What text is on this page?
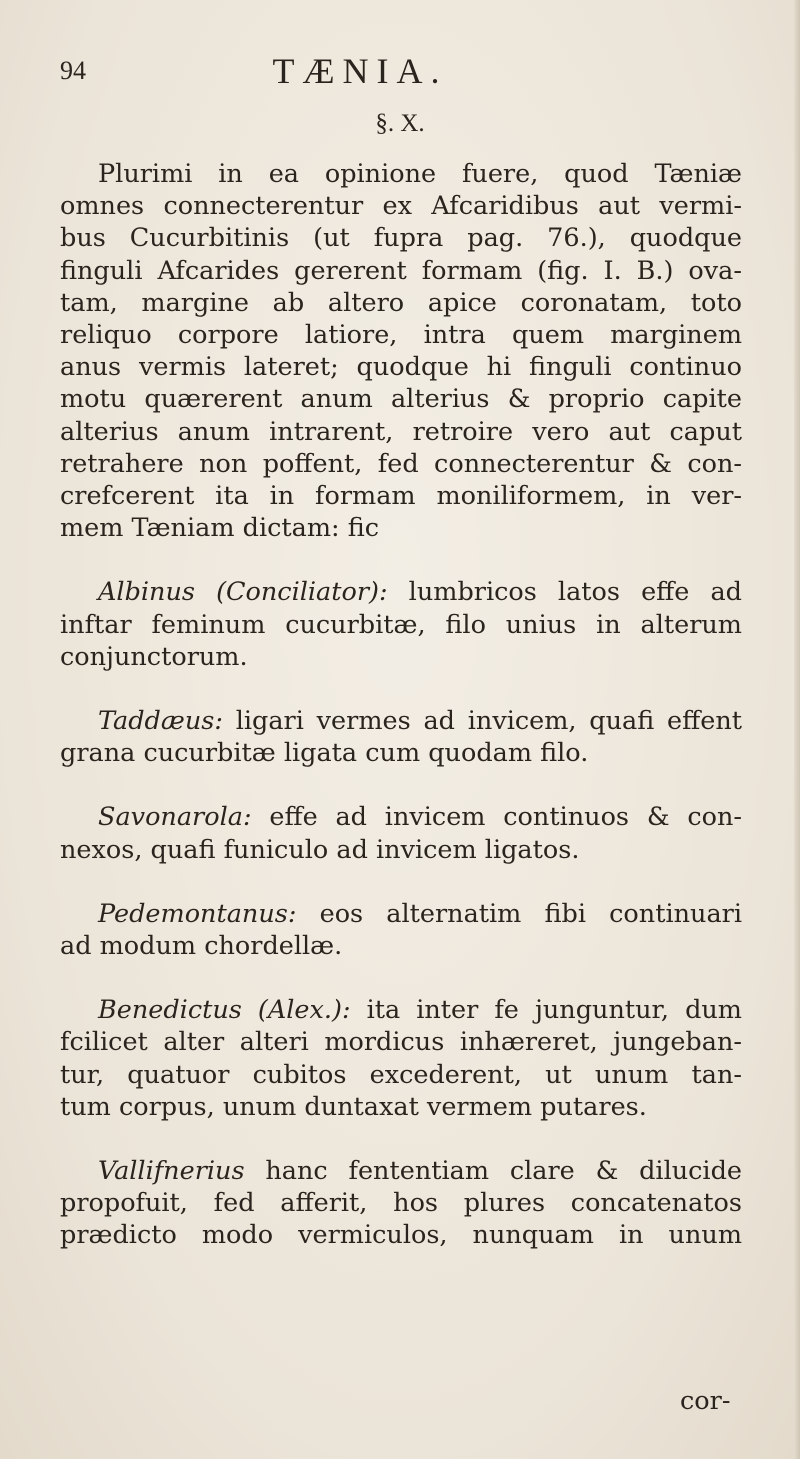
94	TÆNIA.
§. X.
Plurimi in ea opinione fuere, quod Tæniæ
omnes connecterentur ex Afcaridibus aut vermi-
bus Cucurbitinis (ut fupra pag. 76.), quodque
finguli Afcarides gererent formam (fig. I. B.) ova-
tam, margine ab altero apice coronatam, toto
reliquo corpore latiore, intra quem marginem
anus vermis lateret; quodque hi finguli continuo
motu quærerent anum alterius & proprio capite
alterius anum intrarent, retroire vero aut caput
retrahere non poffent, fed connecterentur & con-
crefcerent ita in formam moniliformem, in ver-
mem Tæniam dictam: fic
Albinus (Conciliator): lumbricos latos effe ad
inftar feminum cucurbitæ, filo unius in alterum
conjunctorum.
Taddæus: ligari vermes ad invicem, quafi effent
grana cucurbitæ ligata cum quodam filo.
Savonarola: effe ad invicem continuos & con-
nexos, quafi funiculo ad invicem ligatos.
Pedemontanus: eos alternatim fibi continuari
ad modum chordellæ.
Benedictus (Alex.): ita inter fe junguntur, dum
fcilicet alter alteri mordicus inhæreret, jungeban-
tur, quatuor cubitos excederent, ut unum tan-
tum corpus, unum duntaxat vermem putares.
Vallifnerius hanc fententiam clare & dilucide
propofuit, fed afferit, hos plures concatenatos
prædicto modo vermiculos, nunquam in unum
cor-
